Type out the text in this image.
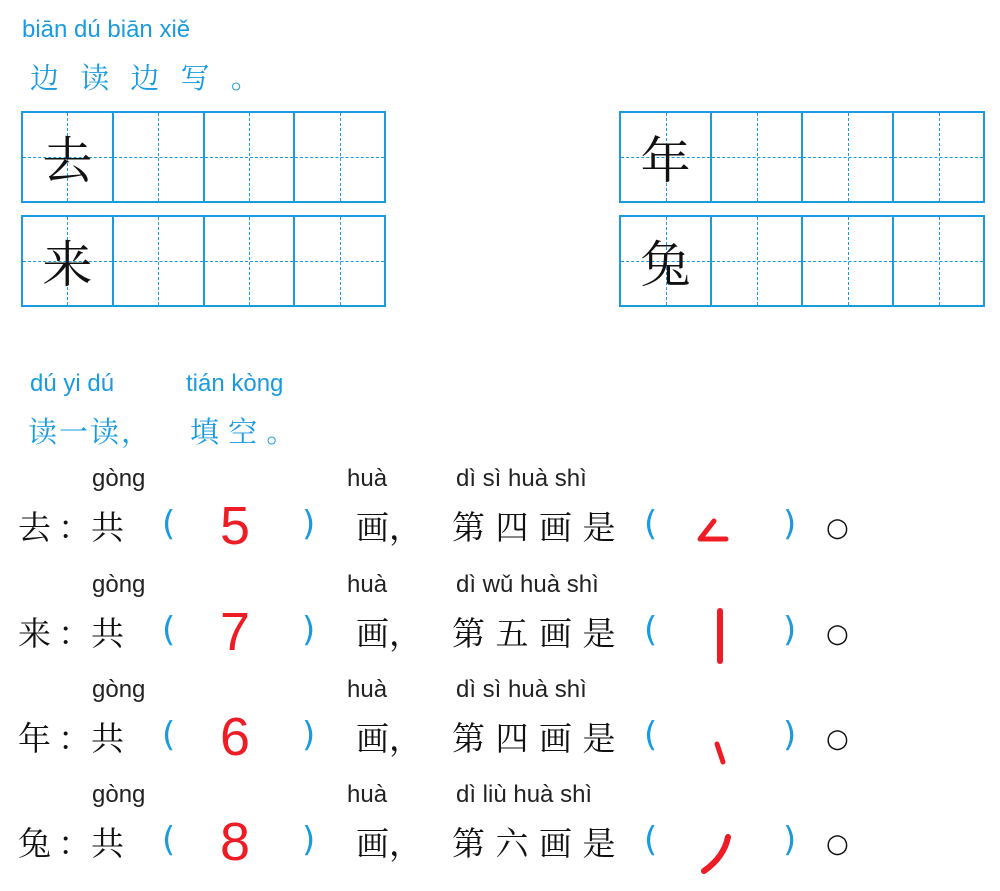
biān dú biān xiě
边 读 边 写 。
去
来
年
兔
dú yi dú	tián kòng
读一读， 填 空 。
gòng	huà	dì sì huà shì
去 ：共 ( 5 ) 画， 第 四 画 是 (	) ○
gòng	huà	dì wǔ huà shì
来 ：共 ( 7 ) 画， 第 五 画 是 (	) ○
gòng	huà	dì sì huà shì
年 ：共 ( 6 ) 画， 第 四 画 是 (	) ○
gòng	huà	dì liù huà shì
兔 ：共 ( 8 ) 画， 第 六 画 是 (	) ○
